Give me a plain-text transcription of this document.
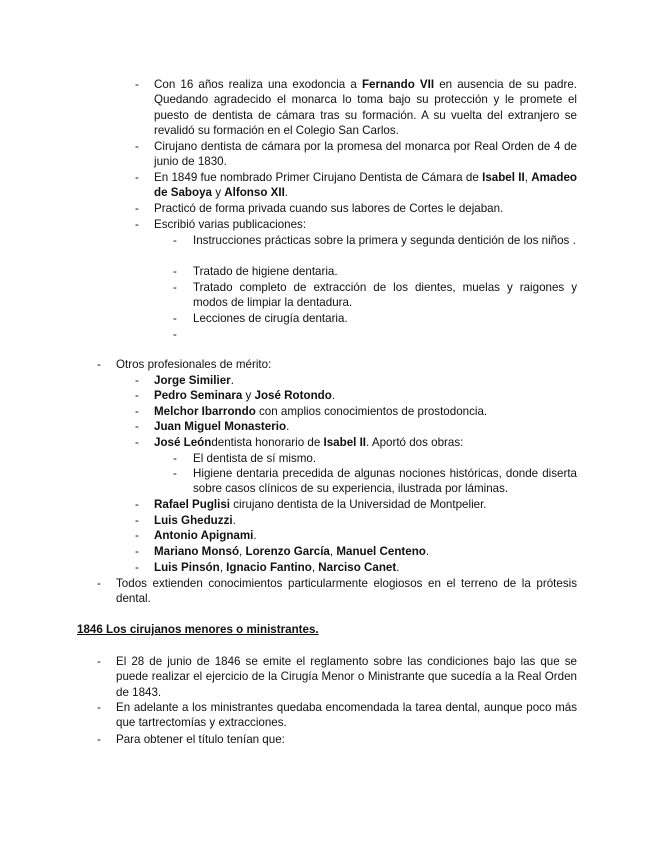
- Con 16 años realiza una exodoncia a Fernando VII en ausencia de su padre. Quedando agradecido el monarca lo toma bajo su protección y le promete el puesto de dentista de cámara tras su formación. A su vuelta del extranjero se revalidó su formación en el Colegio San Carlos.
- Cirujano dentista de cámara por la promesa del monarca por Real Orden de 4 de junio de 1830.
- En 1849 fue nombrado Primer Cirujano Dentista de Cámara de Isabel II, Amadeo de Saboya y Alfonso XII.
- Practicó de forma privada cuando sus labores de Cortes le dejaban.
- Escribió varias publicaciones:
- Instrucciones prácticas sobre la primera y segunda dentición de los niños .
- Tratado de higiene dentaria.
- Tratado completo de extracción de los dientes, muelas y raigones y modos de limpiar la dentadura.
- Lecciones de cirugía dentaria.
-
- Otros profesionales de mérito:
- Jorge Similier.
- Pedro Seminara y José Rotondo.
- Melchor Ibarrondo con amplios conocimientos de prostodoncia.
- Juan Miguel Monasterio.
- José Leóndentista honorario de Isabel II. Aportó dos obras:
- El dentista de sí mismo.
- Higiene dentaria precedida de algunas nociones históricas, donde diserta sobre casos clínicos de su experiencia, ilustrada por láminas.
- Rafael Puglisi cirujano dentista de la Universidad de Montpelier.
- Luis Gheduzzi.
- Antonio Apignami.
- Mariano Monsó, Lorenzo García, Manuel Centeno.
- Luis Pinsón, Ignacio Fantino, Narciso Canet.
- Todos extienden conocimientos particularmente elogiosos en el terreno de la prótesis dental.
1846 Los cirujanos menores o ministrantes.
- El 28 de junio de 1846 se emite el reglamento sobre las condiciones bajo las que se puede realizar el ejercicio de la Cirugía Menor o Ministrante que sucedía a la Real Orden de 1843.
- En adelante a los ministrantes quedaba encomendada la tarea dental, aunque poco más que tartrectomías y extracciones.
- Para obtener el título tenían que:
